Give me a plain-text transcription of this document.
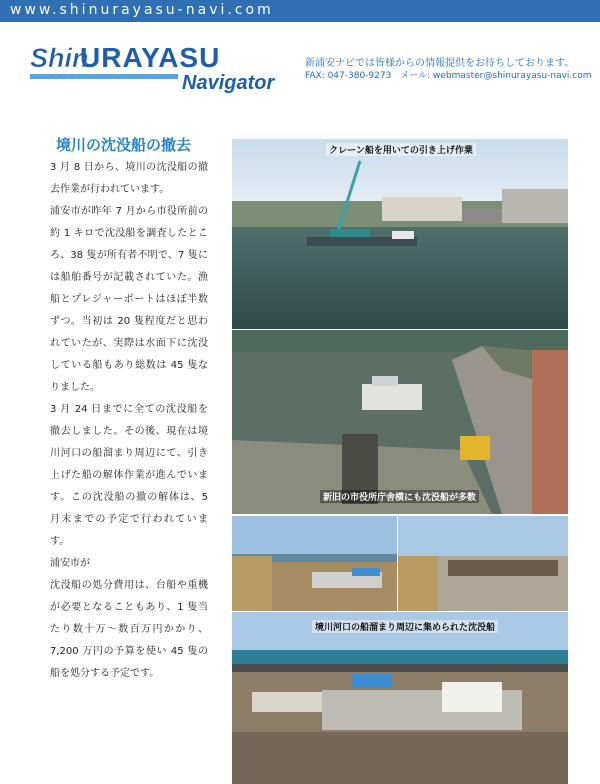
www.shinurayasu-navi.com
Shin
URAYASU
Navigator
新浦安ナビでは皆様からの情報提供をお待ちしております。
FAX: 047-380-9273　メール: webmaster@shinurayasu-navi.com
境川の沈没船の撤去

3 月 8 日から、境川の沈没船の撤去作業が行われています。

浦安市が昨年 7 月から市役所前の約 1 キロで沈没船を調査したところ、38 隻が所有者不明で、7 隻には船舶番号が記載されていた。漁船とプレジャーボートはほぼ半数ずつ。当初は 20 隻程度だと思われていたが、実際は水面下に沈没している船もあり総数は 45 隻なりました。

3 月 24 日までに全ての沈没船を撤去しました。その後、現在は境川河口の船溜まり周辺にて、引き上げた船の解体作業が進んでいます。この沈没船の撤の解体は、5 月末までの予定で行われています。

浦安市が

沈没船の処分費用は、台船や重機が必要となることもあり、1 隻当たり数十万～数百万円かかり、7,200 万円の予算を使い 45 隻の船を処分する予定です。

クレーン船を用いての引き上げ作業
新旧の市役所庁舎横にも沈没船が多数
境川河口の船溜まり周辺に集められた沈没船
